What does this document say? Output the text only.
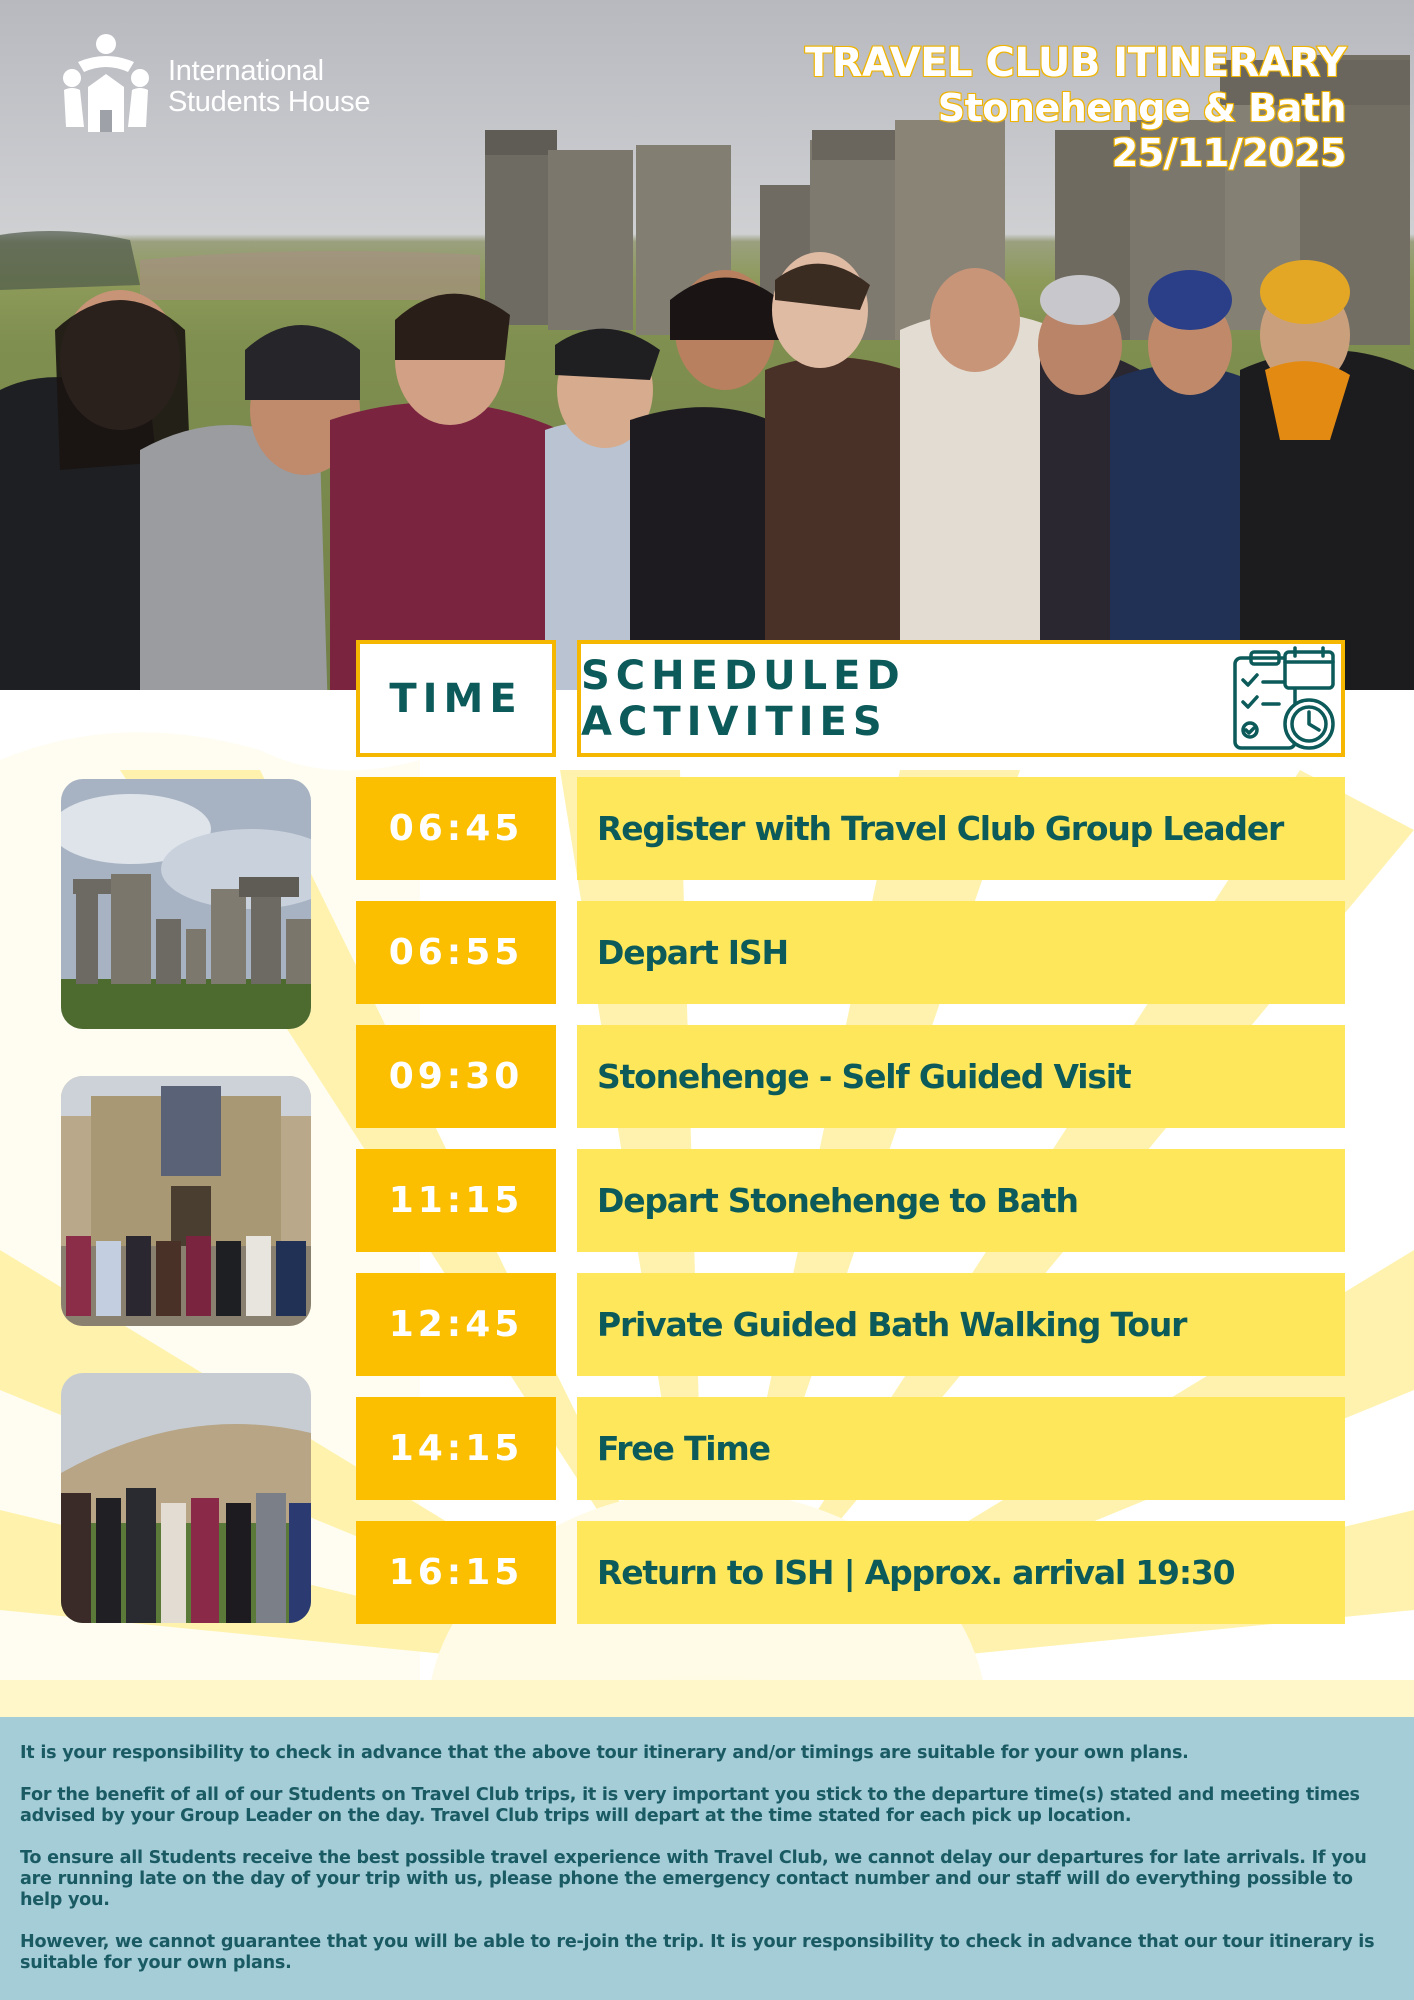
International
Students House
TRAVEL CLUB ITINERARY
Stonehenge & Bath
25/11/2025
TIME SCHEDULED ACTIVITIES
06:45	Register with Travel Club Group Leader
06:55	Depart ISH
09:30	Stonehenge - Self Guided Visit
11:15	Depart Stonehenge to Bath
12:45	Private Guided Bath Walking Tour
14:15	Free Time
16:15	Return to ISH | Approx. arrival 19:30

It is your responsibility to check in advance that the above tour itinerary and/or timings are suitable for your own plans.

For the benefit of all of our Students on Travel Club trips, it is very important you stick to the departure time(s) stated and meeting times advised by your Group Leader on the day. Travel Club trips will depart at the time stated for each pick up location.

To ensure all Students receive the best possible travel experience with Travel Club, we cannot delay our departures for late arrivals. If you are running late on the day of your trip with us, please phone the emergency contact number and our staff will do everything possible to help you.

However, we cannot guarantee that you will be able to re-join the trip. It is your responsibility to check in advance that our tour itinerary is suitable for your own plans.
